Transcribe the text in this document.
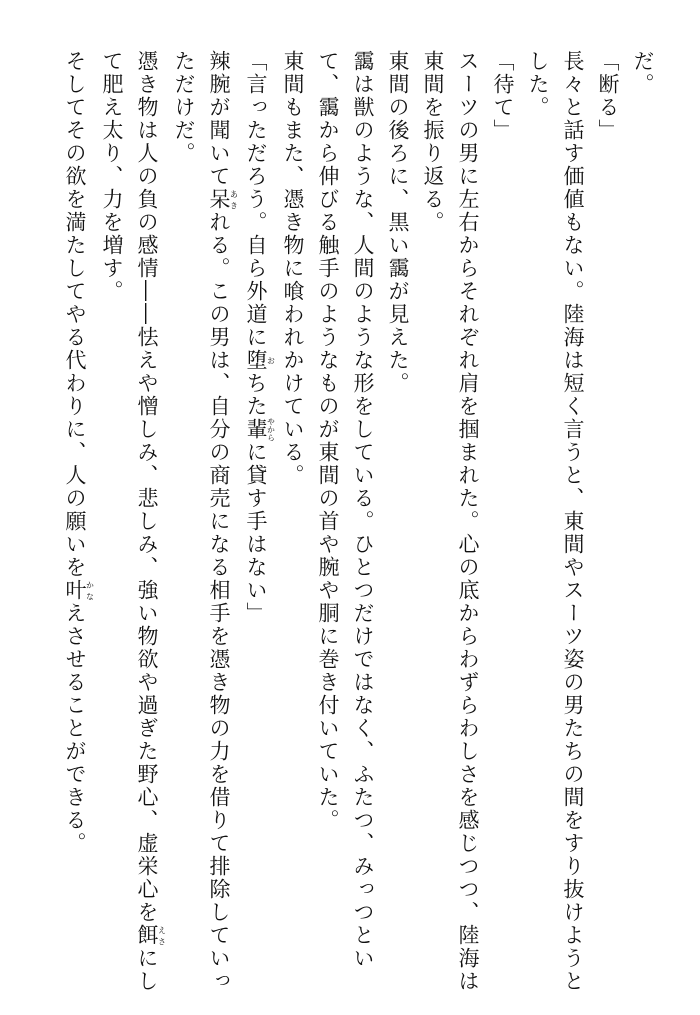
だ。
「断る」
長々と話す価値もない。陸海は短く言うと、東間やスーツ姿の男たちの間をすり抜けようと
した。
「待て」
スーツの男に左右からそれぞれ肩を掴まれた。心の底からわずらわしさを感じつつ、陸海は
東間を振り返る。
東間の後ろに、黒い靄が見えた。
靄は獣のような、人間のような形をしている。ひとつだけではなく、ふたつ、みっつとい
て、靄から伸びる触手のようなものが東間の首や腕や胴に巻き付いていた。
東間もまた、憑き物に喰われかけている。
「言っただろう。自ら外道に堕おちた輩やからに貸す手はない」
辣腕が聞いて呆あきれる。この男は、自分の商売になる相手を憑き物の力を借りて排除していっ
ただけだ。
憑き物は人の負の感情――怯えや憎しみ、悲しみ、強い物欲や過ぎた野心、虚栄心を餌えさにし
て肥え太り、力を増す。
そしてその欲を満たしてやる代わりに、人の願いを叶かなえさせることができる。
